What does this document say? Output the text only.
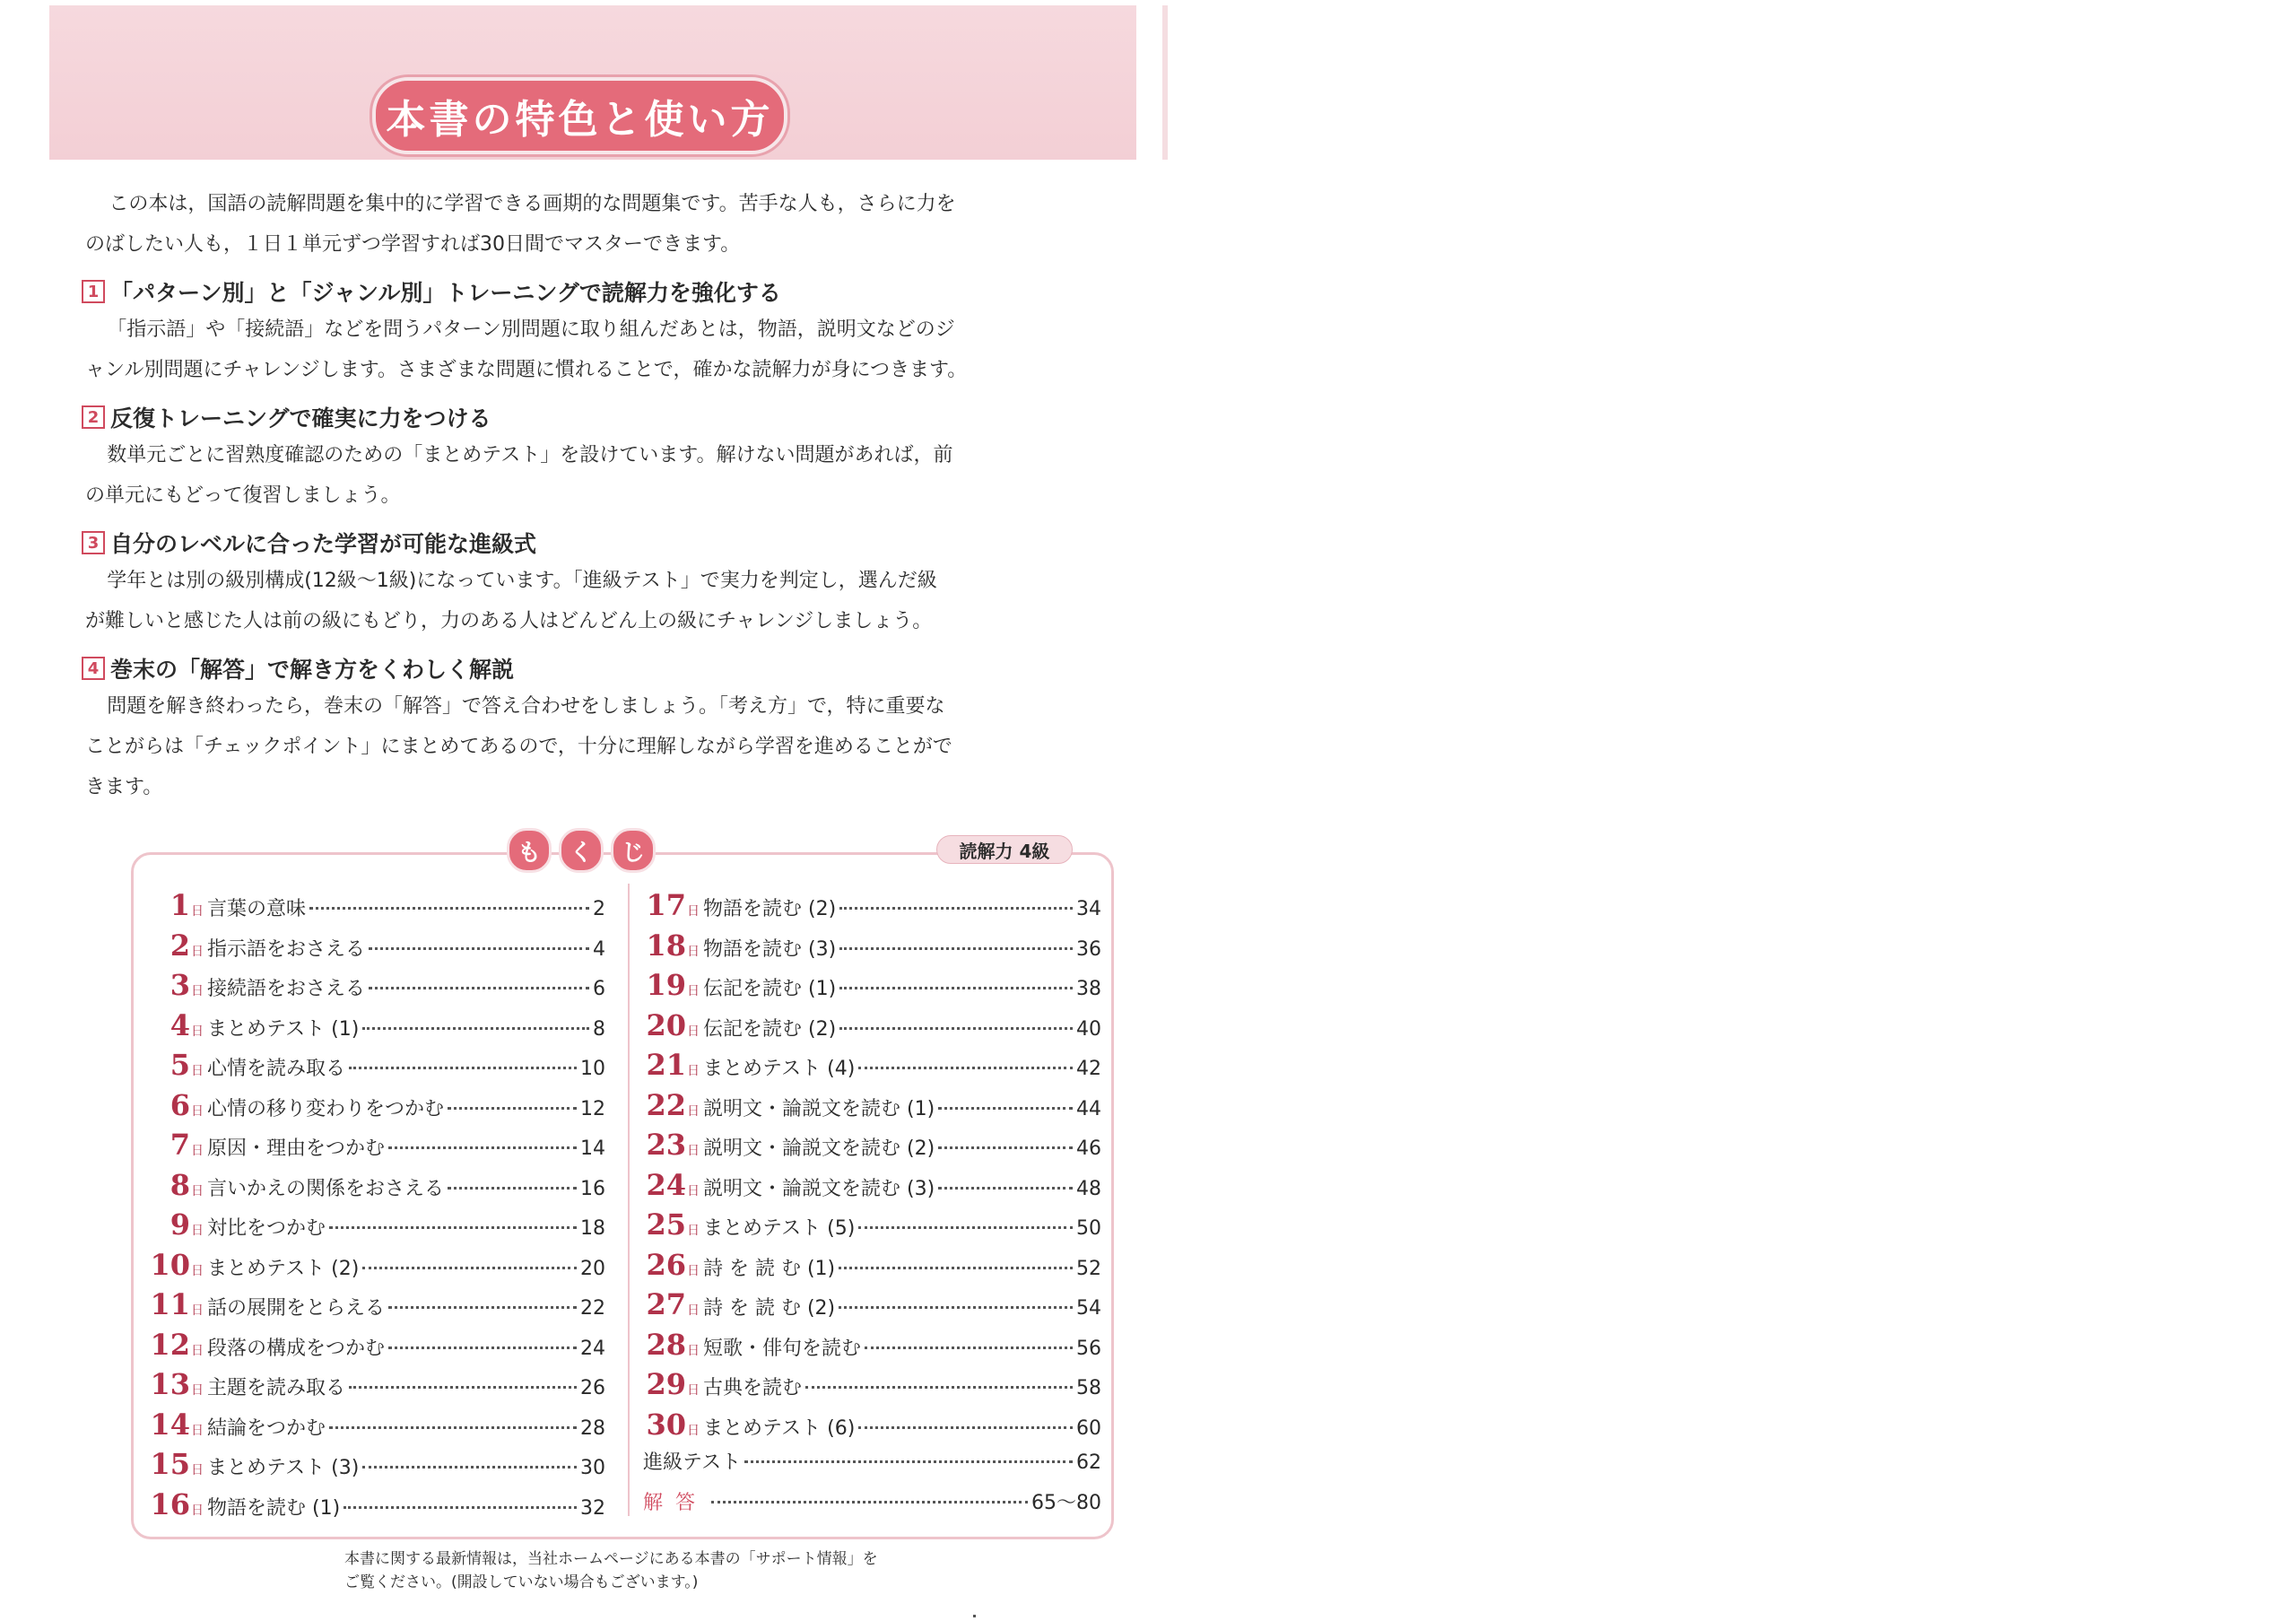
本書の特色と使い方

この本は，国語の読解問題を集中的に学習できる画期的な問題集です。苦手な人も，さらに力を

のばしたい人も，１日１単元ずつ学習すれば30日間でマスターできます。

1 「パターン別」と「ジャンル別」トレーニングで読解力を強化する

「指示語」や「接続語」などを問うパターン別問題に取り組んだあとは，物語，説明文などのジ

ャンル別問題にチャレンジします。さまざまな問題に慣れることで，確かな読解力が身につきます。

2 反復トレーニングで確実に力をつける

数単元ごとに習熟度確認のための「まとめテスト」を設けています。解けない問題があれば，前

の単元にもどって復習しましょう。

3 自分のレベルに合った学習が可能な進級式

学年とは別の級別構成(12級～1級)になっています。「進級テスト」で実力を判定し，選んだ級

が難しいと感じた人は前の級にもどり，力のある人はどんどん上の級にチャレンジしましょう。

4 巻末の「解答」で解き方をくわしく解説

問題を解き終わったら，巻末の「解答」で答え合わせをしましょう。「考え方」で，特に重要な

ことがらは「チェックポイント」にまとめてあるので，十分に理解しながら学習を進めることがで

きます。

も	く	じ	読解力 4級
1 日 言葉の意味	2
2 日 指示語をおさえる	4
3 日 接続語をおさえる	6
4 日 まとめテスト (1)	8
5 日 心情を読み取る	10
6 日 心情の移り変わりをつかむ	12
7 日 原因・理由をつかむ	14
8 日 言いかえの関係をおさえる	16
9 日 対比をつかむ	18
10 日 まとめテスト (2)	20
11 日 話の展開をとらえる	22
12 日 段落の構成をつかむ	24
13 日 主題を読み取る	26
14 日 結論をつかむ	28
15 日 まとめテスト (3)	30
16 日 物語を読む (1)	32
17 日 物語を読む (2)	34
18 日 物語を読む (3)	36
19 日 伝記を読む (1)	38
20 日 伝記を読む (2)	40
21 日 まとめテスト (4)	42
22 日 説明文・論説文を読む (1)	44
23 日 説明文・論説文を読む (2)	46
24 日 説明文・論説文を読む (3)	48
25 日 まとめテスト (5)	50
26 日 詩 を 読 む (1)	52
27 日 詩 を 読 む (2)	54
28 日 短歌・俳句を読む	56
29 日 古典を読む	58
30 日 まとめテスト (6)	60
進級テスト	62
解答	65～80
本書に関する最新情報は，当社ホームページにある本書の「サポート情報」を
ご覧ください。(開設していない場合もございます。)
